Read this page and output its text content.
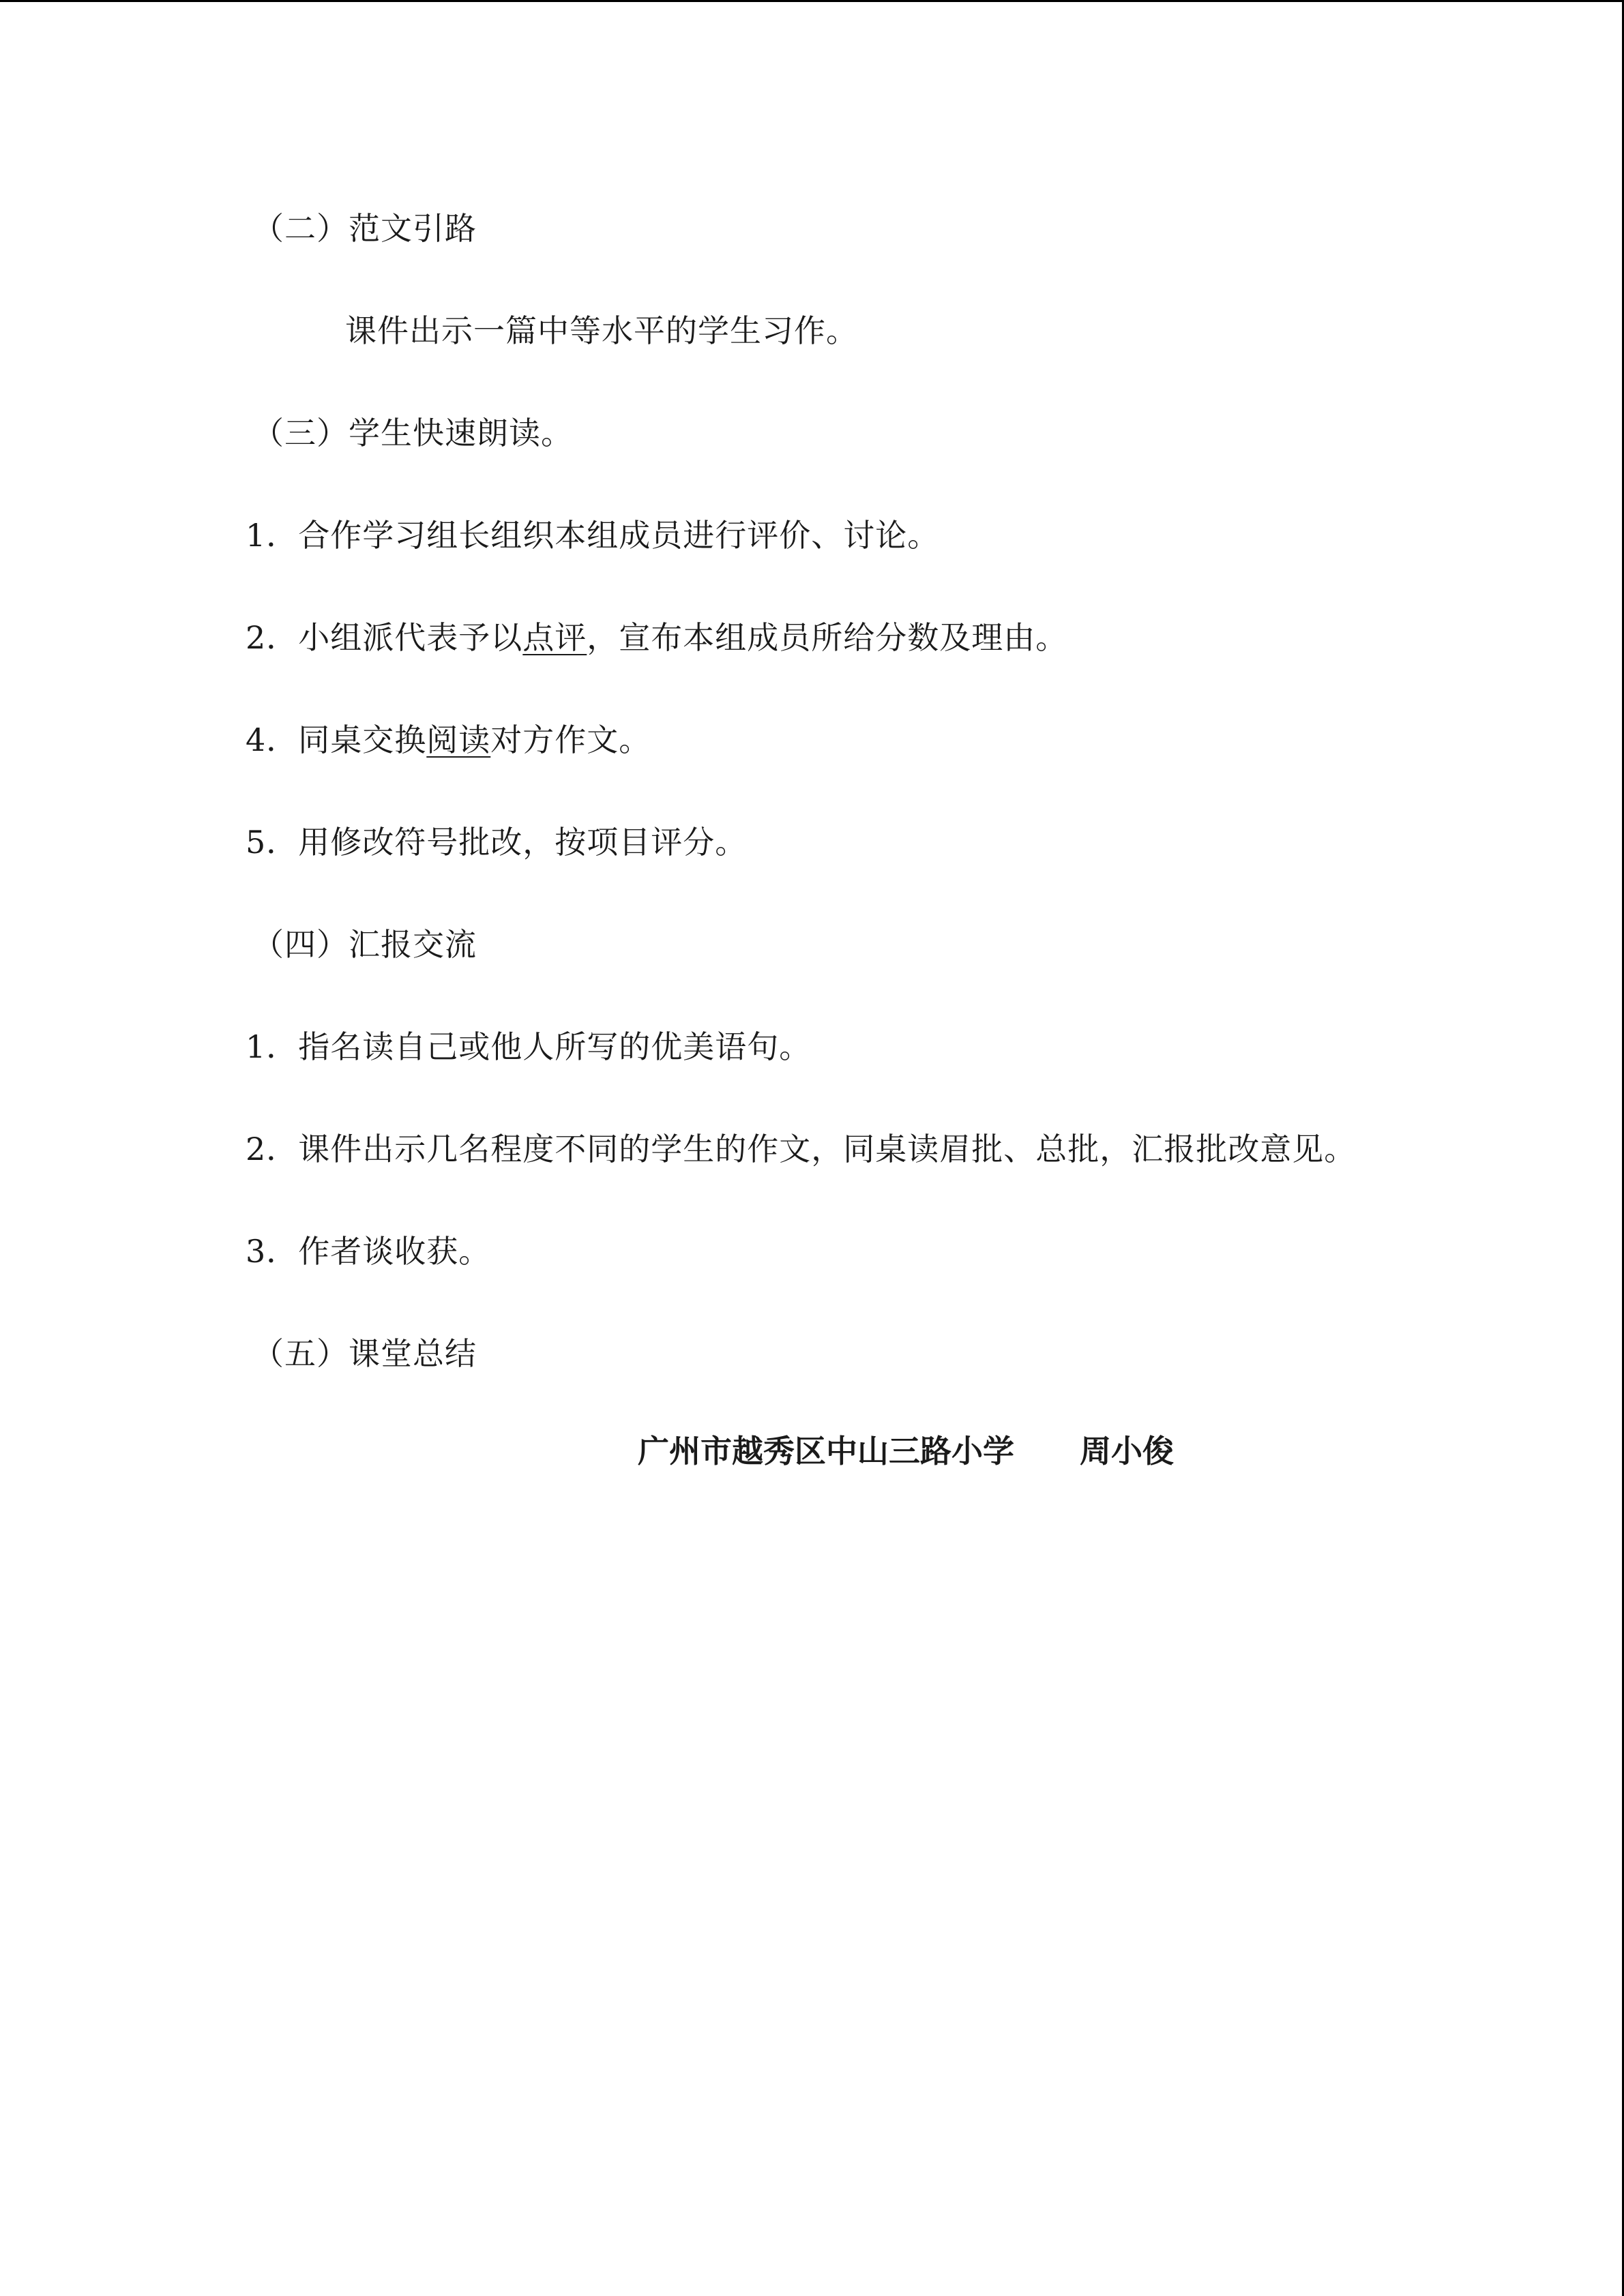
（二）范文引路
课件出示一篇中等水平的学生习作。
（三）学生快速朗读。
1．合作学习组长组织本组成员进行评价、讨论。
2．小组派代表予以点评，宣布本组成员所给分数及理由。
4．同桌交换阅读对方作文。
5．用修改符号批改，按项目评分。
（四）汇报交流
1．指名读自己或他人所写的优美语句。
2．课件出示几名程度不同的学生的作文，同桌读眉批、总批，汇报批改意见。
3．作者谈收获。
（五）课堂总结
广州市越秀区中山三路小学 周小俊
